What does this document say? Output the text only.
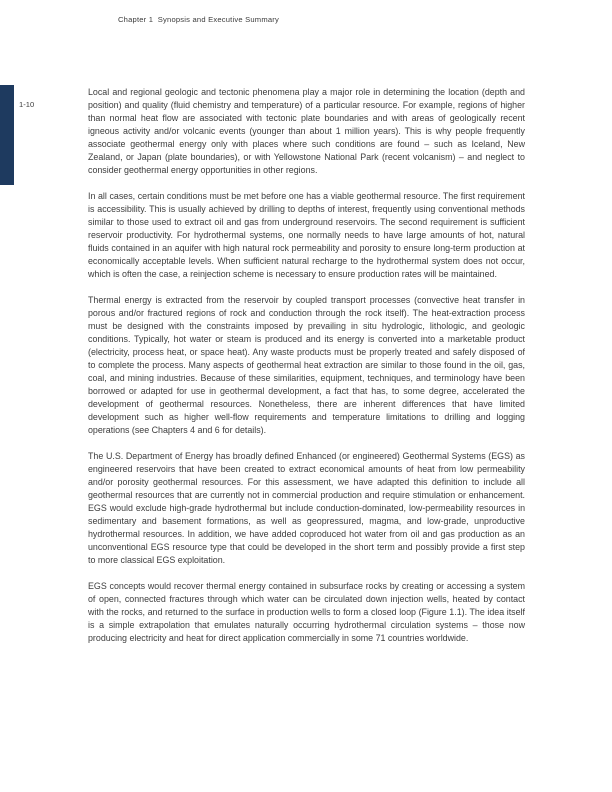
Chapter 1  Synopsis and Executive Summary
1-10

Local and regional geologic and tectonic phenomena play a major role in determining the location (depth and position) and quality (fluid chemistry and temperature) of a particular resource. For example, regions of higher than normal heat flow are associated with tectonic plate boundaries and with areas of geologically recent igneous activity and/or volcanic events (younger than about 1 million years). This is why people frequently associate geothermal energy only with places where such conditions are found – such as Iceland, New Zealand, or Japan (plate boundaries), or with Yellowstone National Park (recent volcanism) – and neglect to consider geothermal energy opportunities in other regions.

In all cases, certain conditions must be met before one has a viable geothermal resource. The first requirement is accessibility. This is usually achieved by drilling to depths of interest, frequently using conventional methods similar to those used to extract oil and gas from underground reservoirs. The second requirement is sufficient reservoir productivity. For hydrothermal systems, one normally needs to have large amounts of hot, natural fluids contained in an aquifer with high natural rock permeability and porosity to ensure long-term production at economically acceptable levels. When sufficient natural recharge to the hydrothermal system does not occur, which is often the case, a reinjection scheme is necessary to ensure production rates will be maintained.

Thermal energy is extracted from the reservoir by coupled transport processes (convective heat transfer in porous and/or fractured regions of rock and conduction through the rock itself). The heat-extraction process must be designed with the constraints imposed by prevailing in situ hydrologic, lithologic, and geologic conditions. Typically, hot water or steam is produced and its energy is converted into a marketable product (electricity, process heat, or space heat). Any waste products must be properly treated and safely disposed of to complete the process. Many aspects of geothermal heat extraction are similar to those found in the oil, gas, coal, and mining industries. Because of these similarities, equipment, techniques, and terminology have been borrowed or adapted for use in geothermal development, a fact that has, to some degree, accelerated the development of geothermal resources. Nonetheless, there are inherent differences that have limited development such as higher well-flow requirements and temperature limitations to drilling and logging operations (see Chapters 4 and 6 for details).

The U.S. Department of Energy has broadly defined Enhanced (or engineered) Geothermal Systems (EGS) as engineered reservoirs that have been created to extract economical amounts of heat from low permeability and/or porosity geothermal resources. For this assessment, we have adapted this definition to include all geothermal resources that are currently not in commercial production and require stimulation or enhancement. EGS would exclude high-grade hydrothermal but include conduction-dominated, low-permeability resources in sedimentary and basement formations, as well as geopressured, magma, and low-grade, unproductive hydrothermal resources. In addition, we have added coproduced hot water from oil and gas production as an unconventional EGS resource type that could be developed in the short term and possibly provide a first step to more classical EGS exploitation.

EGS concepts would recover thermal energy contained in subsurface rocks by creating or accessing a system of open, connected fractures through which water can be circulated down injection wells, heated by contact with the rocks, and returned to the surface in production wells to form a closed loop (Figure 1.1). The idea itself is a simple extrapolation that emulates naturally occurring hydrothermal circulation systems – those now producing electricity and heat for direct application commercially in some 71 countries worldwide.
